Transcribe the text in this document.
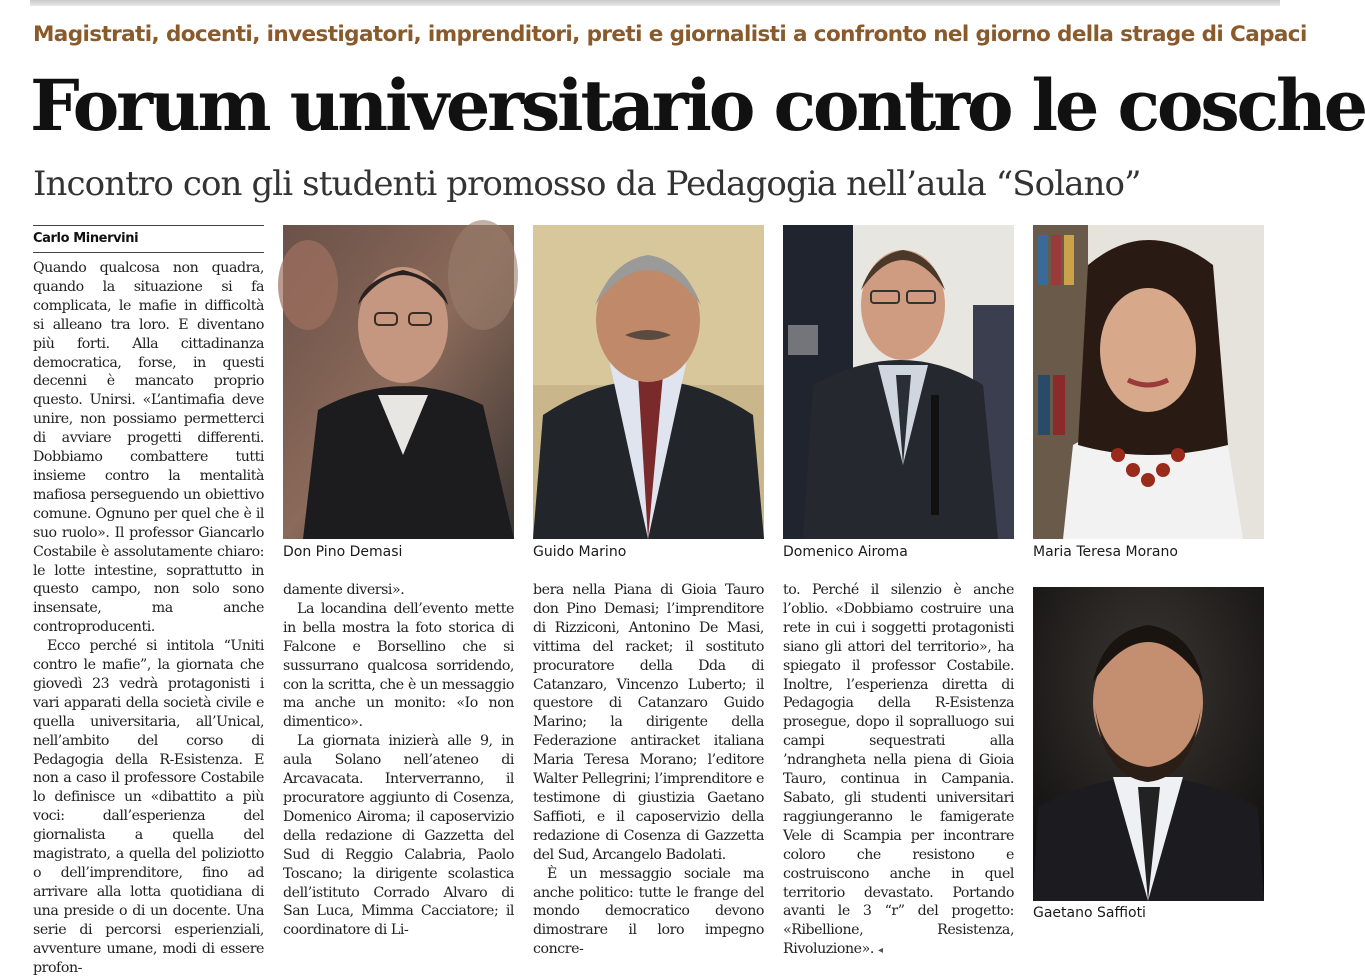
Magistrati, docenti, investigatori, imprenditori, preti e giornalisti a confronto nel giorno della strage di Capaci
Forum universitario contro le cosche
Incontro con gli studenti promosso da Pedagogia nell’aula “Solano”
Carlo Minervini

Quando qualcosa non quadra, quando la situazione si fa complicata, le mafie in difficoltà si alleano tra loro. E diventano più forti. Alla cittadinanza democratica, forse, in questi decenni è mancato proprio questo. Unirsi. «L’antimafia deve unire, non possiamo permetterci di avviare progetti differenti. Dobbiamo combattere tutti insieme contro la mentalità mafiosa perseguendo un obiettivo comune. Ognuno per quel che è il suo ruolo». Il professor Giancarlo Costabile è assolutamente chiaro: le lotte intestine, soprattutto in questo campo, non solo sono insensate, ma anche controproducenti.

Ecco perché si intitola “Uniti contro le mafie”, la giornata che giovedì 23 vedrà protagonisti i vari apparati della società civile e quella universitaria, all’Unical, nell’ambito del corso di Pedagogia della R-Esistenza. E non a caso il professore Costabile lo definisce un «dibattito a più voci: dall’esperienza del giornalista a quella del magistrato, a quella del poliziotto o dell’imprenditore, fino ad arrivare alla lotta quotidiana di una preside o di un docente. Una serie di percorsi esperienziali, avventure umane, modi di essere profon-

Don Pino Demasi	Guido Marino	Domenico Airoma	Maria Teresa Morano

damente diversi».

La locandina dell’evento mette in bella mostra la foto storica di Falcone e Borsellino che si sussurrano qualcosa sorridendo, con la scritta, che è un messaggio ma anche un monito: «Io non dimentico».

La giornata inizierà alle 9, in aula Solano nell’ateneo di Arcavacata. Interverranno, il procuratore aggiunto di Cosenza, Domenico Airoma; il caposervizio della redazione di Gazzetta del Sud di Reggio Calabria, Paolo Toscano; la dirigente scolastica dell’istituto Corrado Alvaro di San Luca, Mimma Cacciatore; il coordinatore di Li-

bera nella Piana di Gioia Tauro don Pino Demasi; l’imprenditore di Rizziconi, Antonino De Masi, vittima del racket; il sostituto procuratore della Dda di Catanzaro, Vincenzo Luberto; il questore di Catanzaro Guido Marino; la dirigente della Federazione antiracket italiana Maria Teresa Morano; l’editore Walter Pellegrini; l’imprenditore e testimone di giustizia Gaetano Saffioti, e il caposervizio della redazione di Cosenza di Gazzetta del Sud, Arcangelo Badolati.

È un messaggio sociale ma anche politico: tutte le frange del mondo democratico devono dimostrare il loro impegno concre-

to. Perché il silenzio è anche l’oblio. «Dobbiamo costruire una rete in cui i soggetti protagonisti siano gli attori del territorio», ha spiegato il professor Costabile. Inoltre, l’esperienza diretta di Pedagogia della R-Esistenza prosegue, dopo il sopralluogo sui campi sequestrati alla ’ndrangheta nella piena di Gioia Tauro, continua in Campania. Sabato, gli studenti universitari raggiungeranno le famigerate Vele di Scampia per incontrare coloro che resistono e costruiscono anche in quel territorio devastato. Portando avanti le 3 “r” del progetto: «Ribellione, Resistenza, Rivoluzione». ◂

Gaetano Saffioti
